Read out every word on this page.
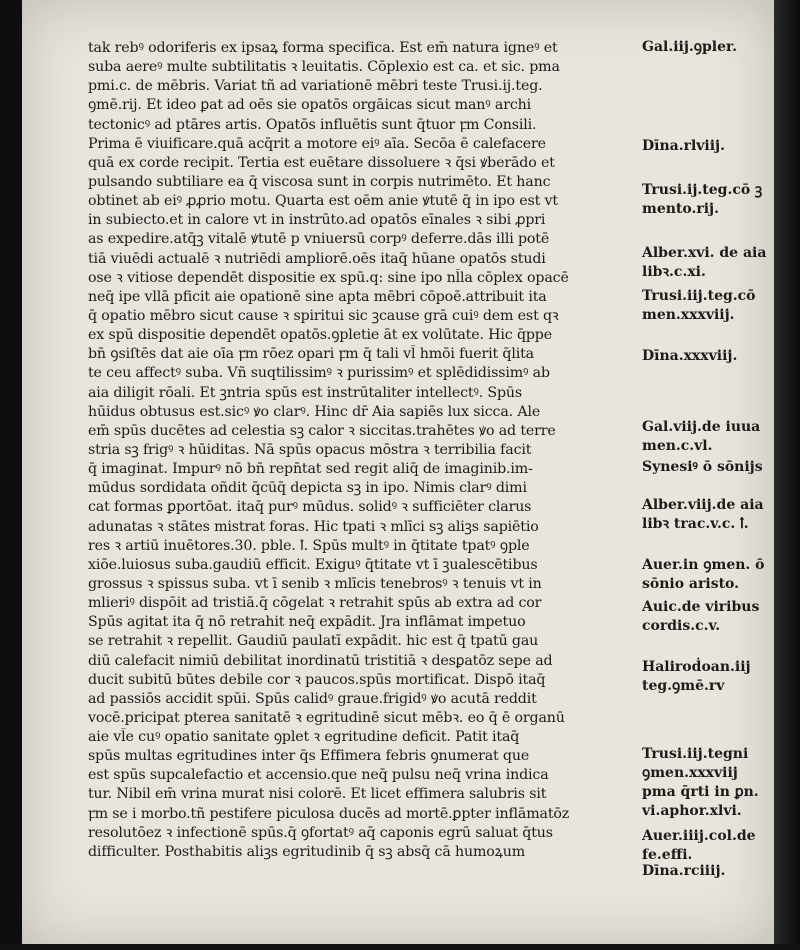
tak rebꝰ odoriferis ex ipsaꝝ forma specifica. Est em̄ natura igneꝰ et
suba aereꝰ multe subtilitatis ꝛ leuitatis. Cōplexio est ca. et sic. pma
pmi.c. de mēbris. Variat tñ ad variationē mēbri teste Trusi.ij.teg.
ꝯmē.rij. Et ideo ꝑat ad oēs sie opatōs orgāicas sicut manꝰ archi
tectonicꝰ ad ptāres artis. Opatōs influētis sunt q̄tuor ꝼm Consili.
Prima ē viuificare.quā acq̄rit a motore eiꝰ aīa. Secōa ē calefacere
quā ex corde recipit. Tertia est euētare dissoluere ꝛ q̄si ꝟberādo et
pulsando subtiliare ea q̄ viscosa sunt in corpis nutrimēto. Et hanc
obtinet ab eiꝰ ꝓꝓrio motu. Quarta est oēm anie ꝟtutē q̄ in ipo est vt
in subiecto.et in calore vt in instrūto.ad opatōs eīnales ꝛ sibi ꝓpri
as expedire.atq̄ꝫ vitalē ꝟtutē p vniuersū corpꝰ deferre.dās illi potē
tiā viuēdi actualē ꝛ nutriēdi ampliorē.oēs itaq̄ hūane opatōs studi
ose ꝛ vitiose dependēt dispositie ex spū.q: sine ipo nl̄la cōplex opacē
neq̄ ipe vllā pficit aie opationē sine apta mēbri cōpoē.attribuit ita
q̄ opatio mēbro sicut cause ꝛ spiritui sic ꝫcause grā cuiꝰ dem est qꝛ
ex spū dispositie dependēt opatōs.ꝯpletie āt ex volūtate. Hic q̄ppe
bn̄ ꝯsiſtēs dat aie oīa ꝼm rōez opari ꝼm q̄ tali vl̄ hmōi fuerit q̄lita
te ceu affectꝰ suba. Vñ suqtilissimꝰ ꝛ purissimꝰ et splēdidissimꝰ ab
aia diligit rōali. Et ꝫntria spūs est instrūtaliter intellectꝰ. Spūs
hūidus obtusus est.sicꝰ ꝟo clarꝰ. Hinc dr̄ Aia sapiēs lux sicca. Ale
em̄ spūs ducētes ad celestia sꝫ calor ꝛ siccitas.trahētes ꝟo ad terre
stria sꝫ frigꝰ ꝛ hūiditas. Nā spūs opacus mōstra ꝛ terribilia facit
q̄ imaginat. Impurꝰ nō bn̄ repn̄tat sed regit aliq̄ de imaginib.im-
mūdus sordidata oñdit q̄cūq̄ depicta sꝫ in ipo. Nimis clarꝰ dimi
cat formas ꝑportōat. itaq̄ purꝰ mūdus. solidꝰ ꝛ sufficiēter clarus
adunatas ꝛ stātes mistrat foras. Hic tpati ꝛ mlīci sꝫ aliꝫs sapiētio
res ꝛ artiū inuētores.30. pble. ꝉ. Spūs multꝰ in q̄titate tpatꝰ ꝯple
xiōe.luiosus suba.gaudiū efficit. Exiguꝰ q̄titate vt ī ꝫualescētibus
grossus ꝛ spissus suba. vt ī senib ꝛ mlīcis tenebrosꝰ ꝛ tenuis vt in
mlieriꝰ dispōit ad tristiā.q̄ cōgelat ꝛ retrahit spūs ab extra ad cor
Spūs agitat ita q̄ nō retrahit neq̄ expādit. Jra inflāmat impetuo
se retrahit ꝛ repellit. Gaudiū paulatī expādit. hic est q̄ tpatū gau
diū calefacit nimiū debilitat inordinatū tristitiā ꝛ desꝑatōz sepe ad
ducit subitū būtes debile cor ꝛ paucos.spūs mortificat. Dispō itaq̄
ad passiōs accidit spūi. Spūs calidꝰ graue.frigidꝰ ꝟo acutā reddit
vocē.pricipat pterea sanitatē ꝛ egritudinē sicut mēbꝛ. eo q̄ ē organū
aie vl̄e cuꝰ opatio sanitate ꝯplet ꝛ egritudine deficit. Patit itaq̄
spūs multas egritudines inter q̄s Effimera febris ꝯnumerat que
est spūs supcalefactio et accensio.que neq̄ pulsu neq̄ vrina indica
tur. Nibil em̄ vrina murat nisi colorē. Et licet effimera salubris sit
ꝼm se i morbo.tñ pestifere piculosa ducēs ad mortē.ꝑpter inflāmatōz
resolutōez ꝛ infectionē spūs.q̄ ꝯfortatꝰ aq̄ caponis egrū saluat q̄tus
difficulter. Posthabitis aliꝫs egritudinib q̄ sꝫ absq̄ cā humoꝝum
Gal.iij.ꝯpler.
Dīna.rlviij.
Trusi.ij.teg.cō ꝫ
mento.rij.
Alber.xvi. de aia
libꝛ.c.xi.
Trusi.iij.teg.cō
men.xxxviij.
Dīna.xxxviij.
Gal.viij.de iuua
men.c.vl.
Synesiꝰ ō sōnijs
Alber.viij.de aia
libꝛ trac.v.c. ꝉ.
Auer.in ꝯmen. ō
sōnio aristo.
Auic.de viribus
cordis.c.v.
Haliroḋoan.iij
teg.ꝯmē.rv
Trusi.iij.tegni
ꝯmen.xxxviij
pma q̄rti in ꝑn.
vi.aphor.xlvi.
Auer.iiij.col.de
fe.effi.
Dīna.rciiij.
